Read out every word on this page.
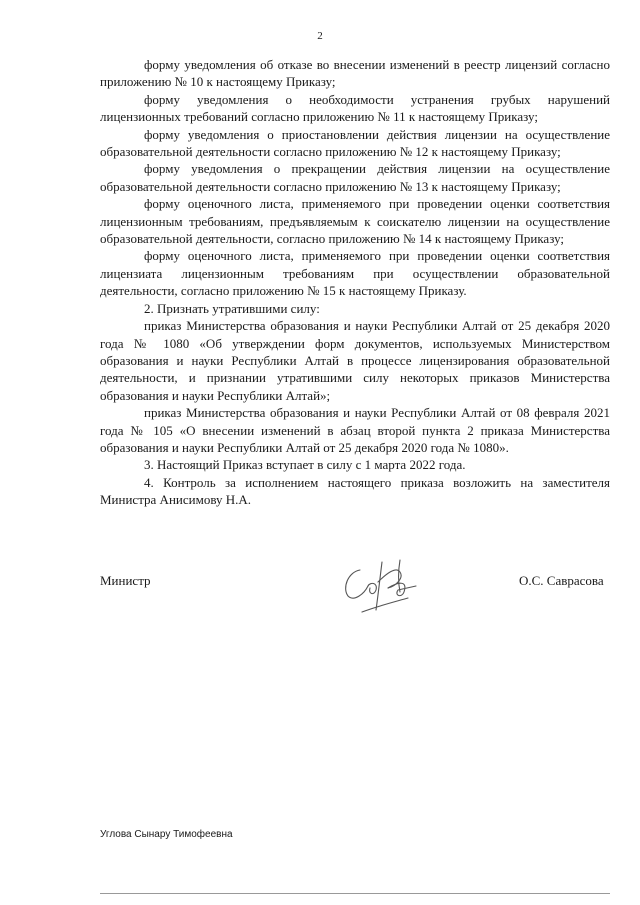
2

форму уведомления об отказе во внесении изменений в реестр лицензий согласно приложению № 10 к настоящему Приказу;

форму уведомления о необходимости устранения грубых нарушений лицензионных требований согласно приложению № 11 к настоящему Приказу;

форму уведомления о приостановлении действия лицензии на осуществление образовательной деятельности согласно приложению № 12 к настоящему Приказу;

форму уведомления о прекращении действия лицензии на осуществление образовательной деятельности согласно приложению № 13 к настоящему Приказу;

форму оценочного листа, применяемого при проведении оценки соответствия лицензионным требованиям, предъявляемым к соискателю лицензии на осуществление образовательной деятельности, согласно приложению № 14 к настоящему Приказу;

форму оценочного листа, применяемого при проведении оценки соответствия лицензиата лицензионным требованиям при осуществлении образовательной деятельности, согласно приложению № 15 к настоящему Приказу.

2. Признать утратившими силу:

приказ Министерства образования и науки Республики Алтай от 25 декабря 2020 года № 1080 «Об утверждении форм документов, используемых Министерством образования и науки Республики Алтай в процессе лицензирования образовательной деятельности, и признании утратившими силу некоторых приказов Министерства образования и науки Республики Алтай»;

приказ Министерства образования и науки Республики Алтай от 08 февраля 2021 года № 105 «О внесении изменений в абзац второй пункта 2 приказа Министерства образования и науки Республики Алтай от 25 декабря 2020 года № 1080».

3. Настоящий Приказ вступает в силу с 1 марта 2022 года.

4. Контроль за исполнением настоящего приказа возложить на заместителя Министра Анисимову Н.А.

Министр	О.С. Саврасова
Углова Сынару Тимофеевна
